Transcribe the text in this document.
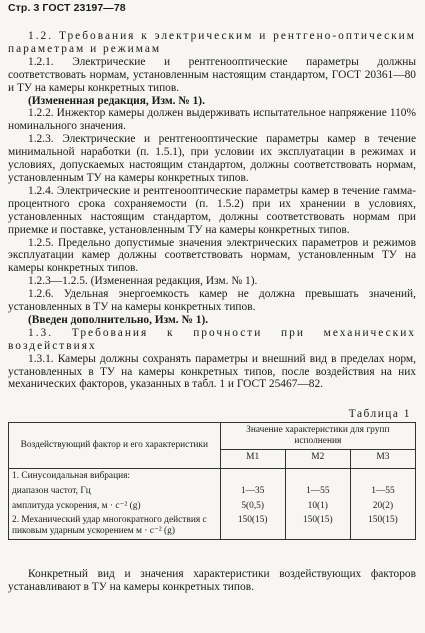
Стр. 3 ГОСТ 23197—78

1.2. Требования к электрическим и рентгено-оптическим параметрам и режимам

1.2.1. Электрические и рентгенооптические параметры должны соответствовать нормам, установленным настоящим стандартом, ГОСТ 20361—80 и ТУ на камеры конкретных типов.

(Измененная редакция, Изм. № 1).

1.2.2. Инжектор камеры должен выдерживать испытательное напряжение 110% номинального значения.

1.2.3. Электрические и рентгенооптические параметры камер в течение минимальной наработки (п. 1.5.1), при условии их эксплуатации в режимах и условиях, допускаемых настоящим стандартом, должны соответствовать нормам, установленным ТУ на камеры конкретных типов.

1.2.4. Электрические и рентгенооптические параметры камер в течение гамма-процентного срока сохраняемости (п. 1.5.2) при их хранении в условиях, установленных настоящим стандартом, должны соответствовать нормам при приемке и поставке, установленным ТУ на камеры конкретных типов.

1.2.5. Предельно допустимые значения электрических параметров и режимов эксплуатации камер должны соответствовать нормам, установленным ТУ на камеры конкретных типов.

1.2.3—1.2.5. (Измененная редакция, Изм. № 1).

1.2.6. Удельная энергоемкость камер не должна превышать значений, установленных в ТУ на камеры конкретных типов.

(Введен дополнительно, Изм. № 1).

1.3. Требования к прочности при механических воздействиях

1.3.1. Камеры должны сохранять параметры и внешний вид в пределах норм, установленных в ТУ на камеры конкретных типов, после воздействия на них механических факторов, указанных в табл. 1 и ГОСТ 25467—82.

Таблица 1
Воздействующий фактор и его характеристики	Значение характеристики для групп исполнения		
	М1	М2	М3
1. Синусоидальная вибрация:			
диапазон частот, Гц	1—35	1—55	1—55
амплитуда ускорения, м · с⁻² (g)	5(0,5)	10(1)	20(2)
2. Механический удар многократного действия с пиковым ударным ускорением м · с⁻² (g)	150(15)	150(15)	150(15)

Конкретный вид и значения характеристики воздействующих факторов устанавливают в ТУ на камеры конкретных типов.
